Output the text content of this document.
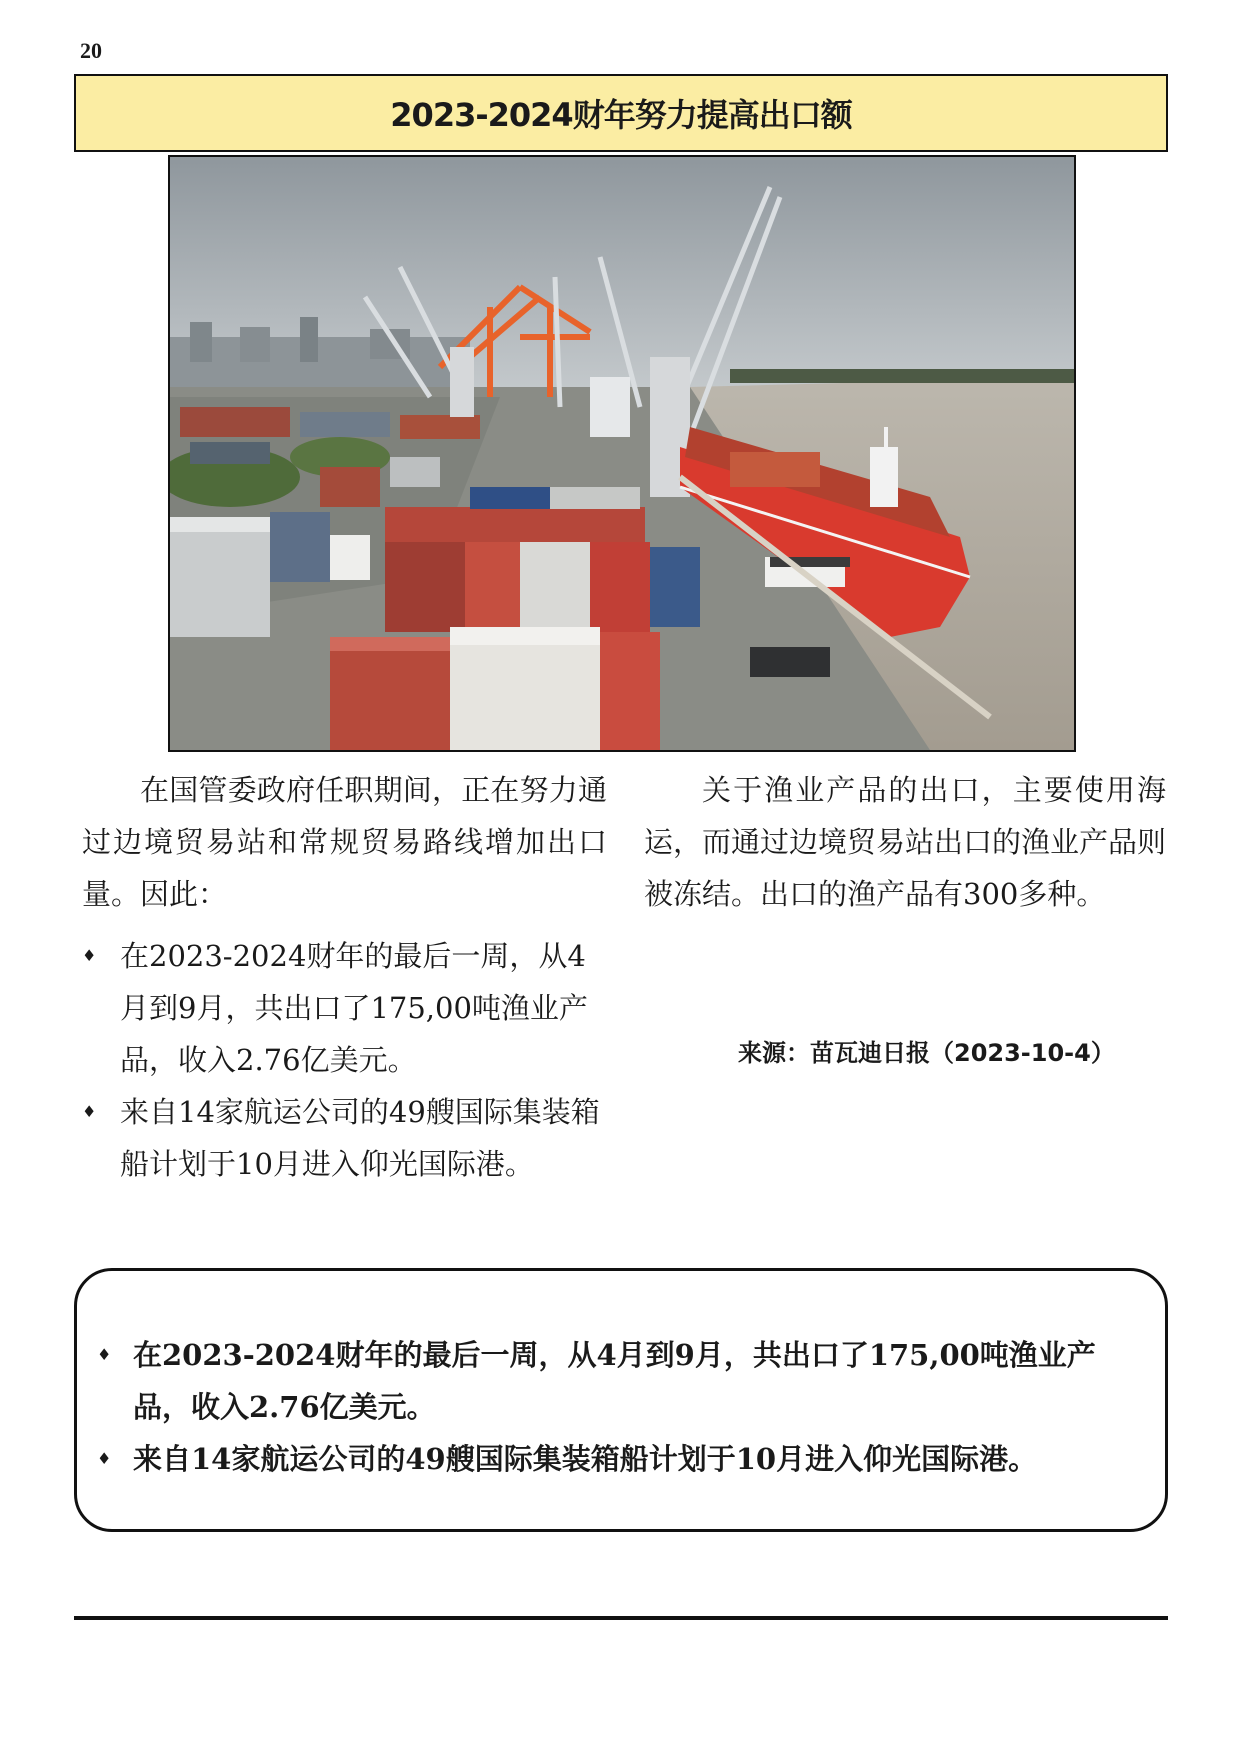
20
2023-2024财年努力提高出口额

在国管委政府任职期间，正在努力通过边境贸易站和常规贸易路线增加出口量。因此：

♦ 在2023-2024财年的最后一周，从4月到9月，共出口了175,00吨渔业产品，收入2.76亿美元。
♦ 来自14家航运公司的49艘国际集装箱船计划于10月进入仰光国际港。

关于渔业产品的出口，主要使用海运，而通过边境贸易站出口的渔业产品则被冻结。出口的渔产品有300多种。

来源：苗瓦迪日报（2023-10-4）
♦ 在2023-2024财年的最后一周，从4月到9月，共出口了175,00吨渔业产品，收入2.76亿美元。
♦ 来自14家航运公司的49艘国际集装箱船计划于10月进入仰光国际港。
